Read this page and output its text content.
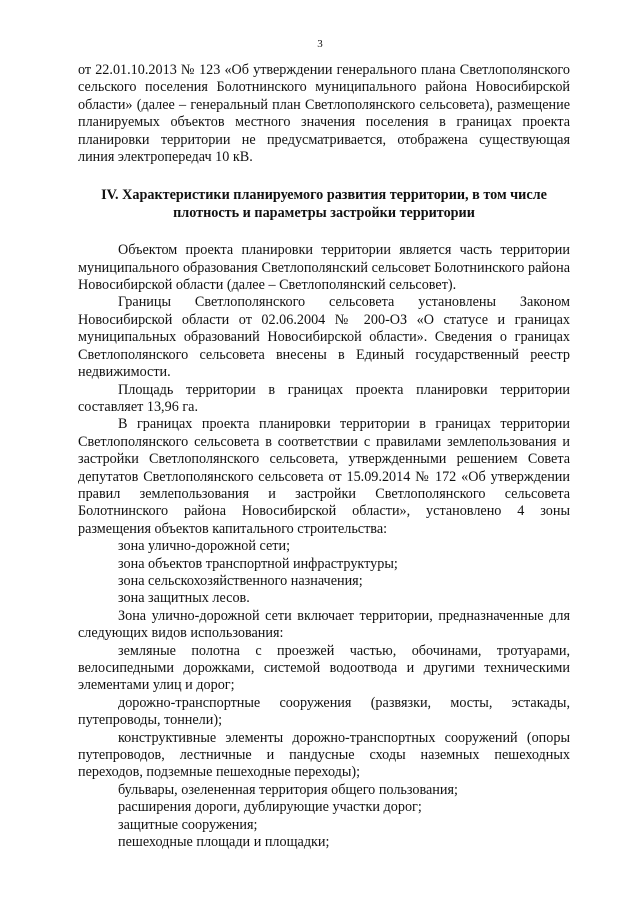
3

от 22.01.10.2013 № 123 «Об утверждении генерального плана Светлополянского сельского поселения Болотнинского муниципального района Новосибирской области» (далее – генеральный план Светлополянского сельсовета), размещение планируемых объектов местного значения поселения в границах проекта планировки территории не предусматривается, отображена существующая линия электропередач 10 кВ.

IV. Характеристики планируемого развития территории, в том числе плотность и параметры застройки территории

Объектом проекта планировки территории является часть территории муниципального образования Светлополянский сельсовет Болотнинского района Новосибирской области (далее – Светлополянский сельсовет).

Границы Светлополянского сельсовета установлены Законом Новосибирской области от 02.06.2004 № 200-ОЗ «О статусе и границах муниципальных образований Новосибирской области». Сведения о границах Светлополянского сельсовета внесены в Единый государственный реестр недвижимости.

Площадь территории в границах проекта планировки территории составляет 13,96 га.

В границах проекта планировки территории в границах территории Светлополянского сельсовета в соответствии с правилами землепользования и застройки Светлополянского сельсовета, утвержденными решением Совета депутатов Светлополянского сельсовета от 15.09.2014 № 172 «Об утверждении правил землепользования и застройки Светлополянского сельсовета Болотнинского района Новосибирской области», установлено 4 зоны размещения объектов капитального строительства:

зона улично-дорожной сети;

зона объектов транспортной инфраструктуры;

зона сельскохозяйственного назначения;

зона защитных лесов.

Зона улично-дорожной сети включает территории, предназначенные для следующих видов использования:

земляные полотна с проезжей частью, обочинами, тротуарами, велосипедными дорожками, системой водоотвода и другими техническими элементами улиц и дорог;

дорожно-транспортные сооружения (развязки, мосты, эстакады, путепроводы, тоннели);

конструктивные элементы дорожно-транспортных сооружений (опоры путепроводов, лестничные и пандусные сходы наземных пешеходных переходов, подземные пешеходные переходы);

бульвары, озелененная территория общего пользования;

расширения дороги, дублирующие участки дорог;

защитные сооружения;

пешеходные площади и площадки;
